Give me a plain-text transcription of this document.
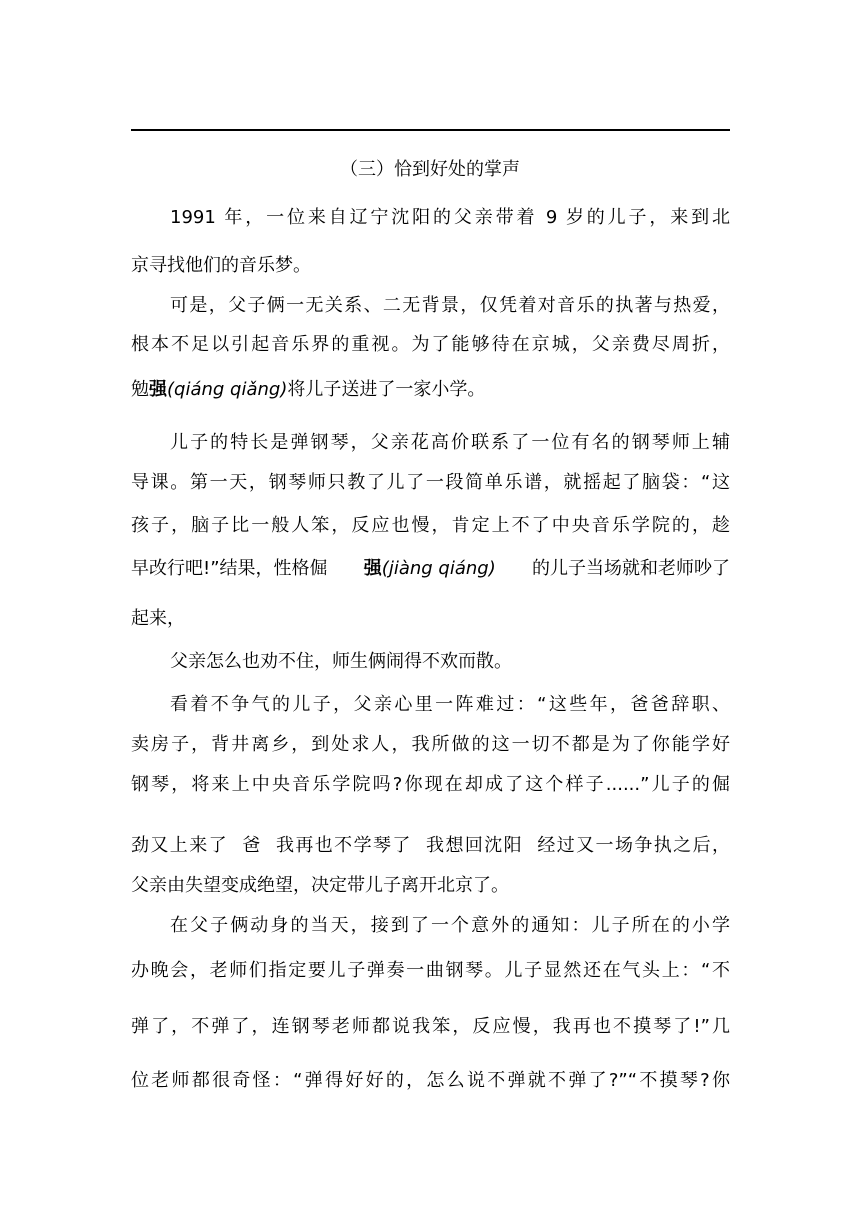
（三）恰到好处的掌声
1991 年，一位来自辽宁沈阳的父亲带着 9 岁的儿子，来到北
京寻找他们的音乐梦。
可是，父子俩一无关系、二无背景，仅凭着对音乐的执著与热爱，
根本不足以引起音乐界的重视。为了能够待在京城，父亲费尽周折，
勉强(qiáng qiǎng)将儿子送进了一家小学。
儿子的特长是弹钢琴，父亲花高价联系了一位有名的钢琴师上辅
导课。第一天，钢琴师只教了儿了一段简单乐谱，就摇起了脑袋：“这
孩子，脑子比一般人笨，反应也慢，肯定上不了中央音乐学院的，趁
早改行吧!”结果，性格倔 强(jiàng qiáng) 的儿子当场就和老师吵了
起来，
父亲怎么也劝不住，师生俩闹得不欢而散。
看着不争气的儿子，父亲心里一阵难过：“这些年，爸爸辞职、
卖房子，背井离乡，到处求人，我所做的这一切不都是为了你能学好
钢琴，将来上中央音乐学院吗?你现在却成了这个样子......”儿子的倔
劲又上来了  爸  我再也不学琴了  我想回沈阳  经过又一场争执之后，
父亲由失望变成绝望，决定带儿子离开北京了。
在父子俩动身的当天，接到了一个意外的通知：儿子所在的小学
办晚会，老师们指定要儿子弹奏一曲钢琴。儿子显然还在气头上：“不
弹了，不弹了，连钢琴老师都说我笨，反应慢，我再也不摸琴了!”几
位老师都很奇怪：“弹得好好的，怎么说不弹就不弹了?”“不摸琴?你
